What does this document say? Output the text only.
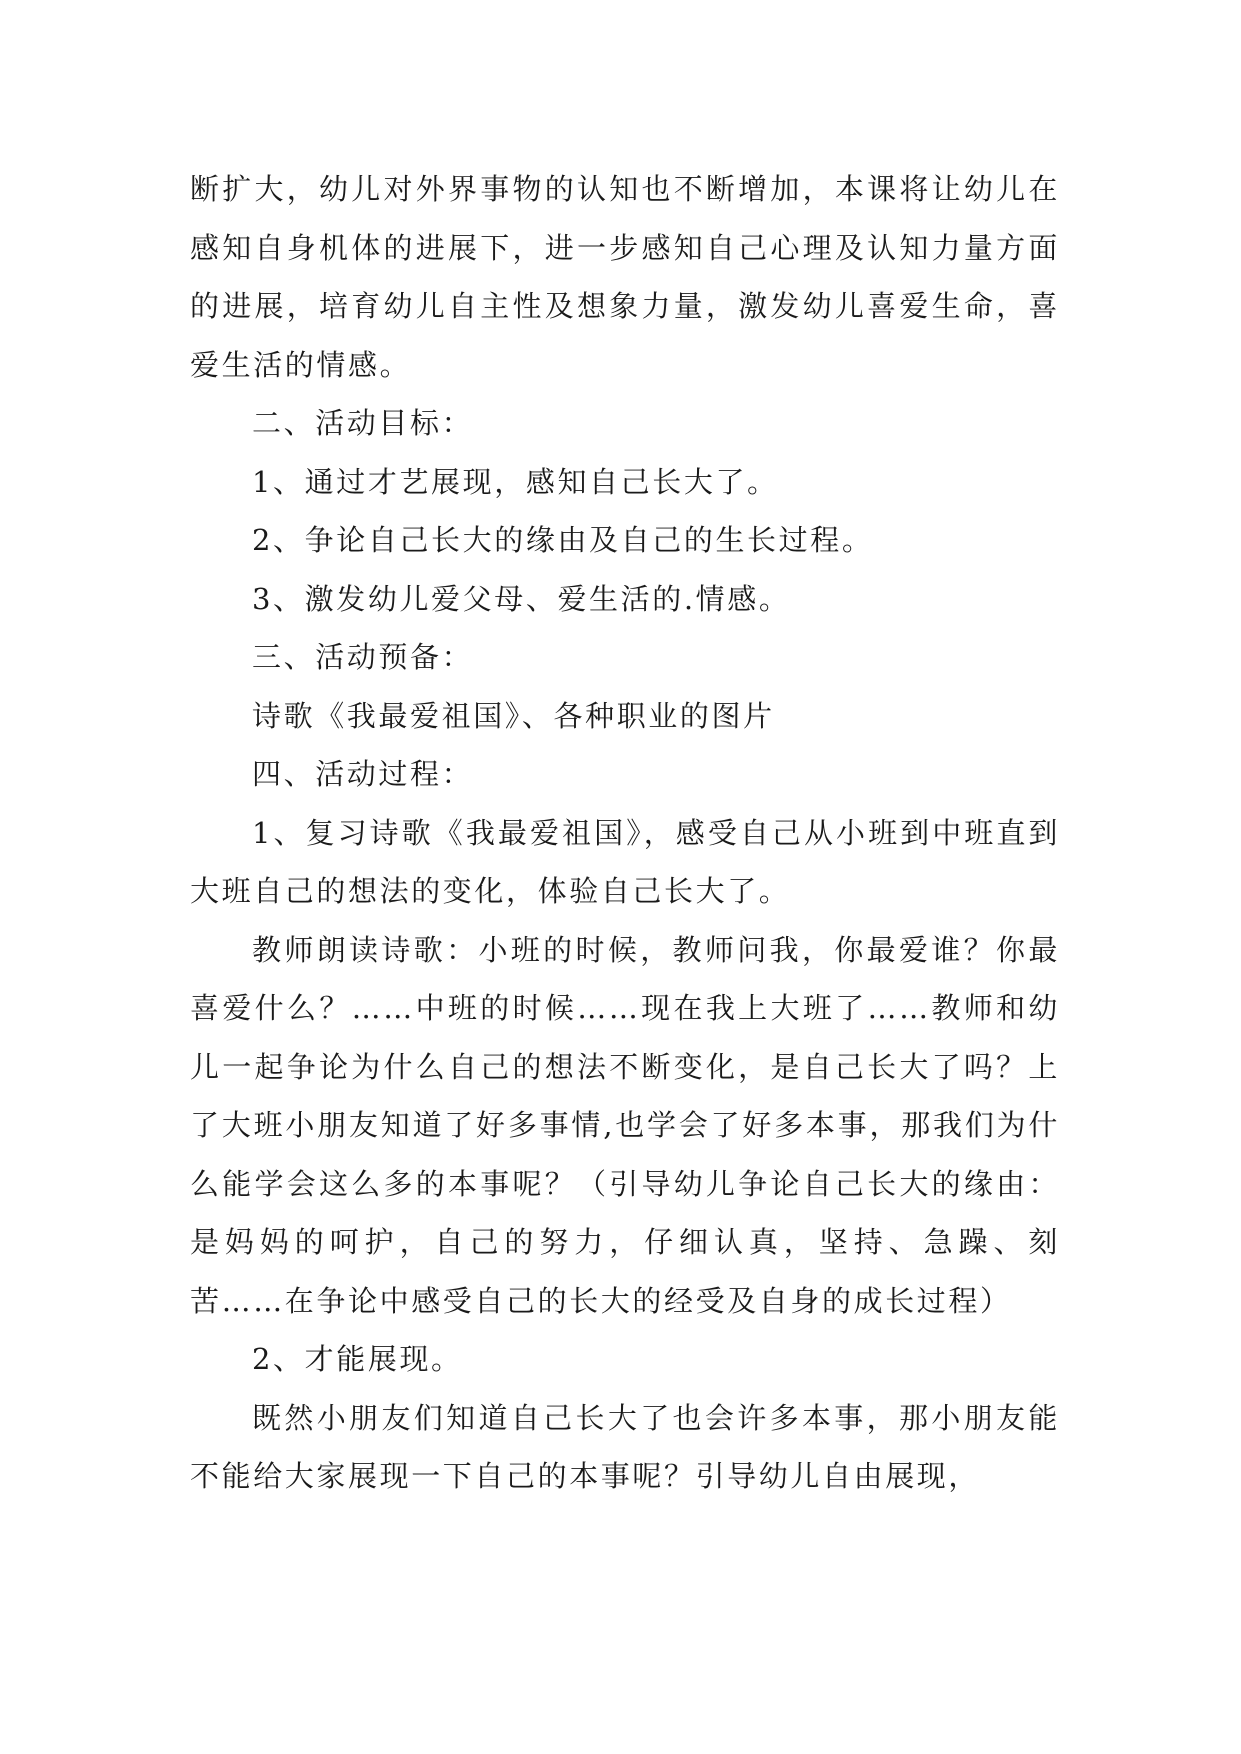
断扩大，幼儿对外界事物的认知也不断增加，本课将让幼儿在感知自身机体的进展下，进一步感知自己心理及认知力量方面的进展，培育幼儿自主性及想象力量，激发幼儿喜爱生命，喜爱生活的情感。

二、活动目标：

1、通过才艺展现，感知自己长大了。

2、争论自己长大的缘由及自己的生长过程。

3、激发幼儿爱父母、爱生活的.情感。

三、活动预备：

诗歌《我最爱祖国》、各种职业的图片

四、活动过程：

1、复习诗歌《我最爱祖国》，感受自己从小班到中班直到大班自己的想法的变化，体验自己长大了。

教师朗读诗歌：小班的时候，教师问我，你最爱谁？你最喜爱什么？……中班的时候……现在我上大班了……教师和幼儿一起争论为什么自己的想法不断变化，是自己长大了吗？上了大班小朋友知道了好多事情,也学会了好多本事，那我们为什么能学会这么多的本事呢？（引导幼儿争论自己长大的缘由：是妈妈的呵护，自己的努力，仔细认真，坚持、急躁、刻苦……在争论中感受自己的长大的经受及自身的成长过程）

2、才能展现。

既然小朋友们知道自己长大了也会许多本事，那小朋友能不能给大家展现一下自己的本事呢？引导幼儿自由展现，
